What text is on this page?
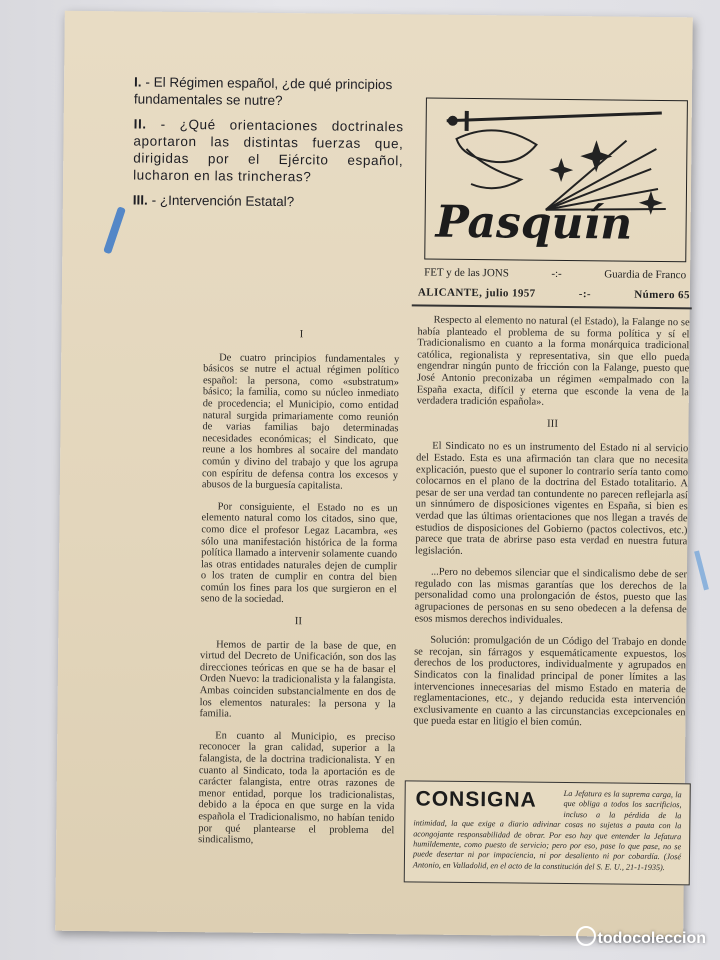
I. - El Régimen español, ¿de qué principios fundamentales se nutre?
II. - ¿Qué orientaciones doctrinales aportaron las distintas fuerzas que, dirigidas por el Ejército español, lucharon en las trincheras?
III. - ¿Intervención Estatal?	Pasquín
FET y de las JONS	-:-	Guardia de Franco
ALICANTE, julio 1957	-:-	Número 65

I

De cuatro principios fundamentales y básicos se nutre el actual régimen político español: la persona, como «substratum» básico; la familia, como su núcleo inmediato de procedencia; el Municipio, como entidad natural surgida primariamente como reunión de varias familias bajo determinadas necesidades económicas; el Sindicato, que reune a los hombres al socaire del mandato común y divino del trabajo y que los agrupa con espíritu de defensa contra los excesos y abusos de la burguesía capitalista.

Por consiguiente, el Estado no es un elemento natural como los citados, sino que, como dice el profesor Legaz Lacambra, «es sólo una manifestación histórica de la forma política llamado a intervenir solamente cuando las otras entidades naturales dejen de cumplir o los traten de cumplir en contra del bien común los fines para los que surgieron en el seno de la sociedad.

II

Hemos de partir de la base de que, en virtud del Decreto de Unificación, son dos las direcciones teóricas en que se ha de basar el Orden Nuevo: la tradicionalista y la falangista. Ambas coinciden substancialmente en dos de los elementos naturales: la persona y la familia.

En cuanto al Municipio, es preciso reconocer la gran calidad, superior a la falangista, de la doctrina tradicionalista. Y en cuanto al Sindicato, toda la aportación es de carácter falangista, entre otras razones de menor entidad, porque los tradicionalistas, debido a la época en que surge en la vida española el Tradicionalismo, no habían tenido por qué plantearse el problema del sindicalismo,

Respecto al elemento no natural (el Estado), la Falange no se había planteado el problema de su forma política y sí el Tradicionalismo en cuanto a la forma monárquica tradicional católica, regionalista y representativa, sin que ello pueda engendrar ningún punto de fricción con la Falange, puesto que José Antonio preconizaba un régimen «empalmado con la España exacta, difícil y eterna que esconde la vena de la verdadera tradición española».

III

El Sindicato no es un instrumento del Estado ni al servicio del Estado. Esta es una afirmación tan clara que no necesita explicación, puesto que el suponer lo contrario sería tanto como colocarnos en el plano de la doctrina del Estado totalitario. A pesar de ser una verdad tan contundente no parecen reflejarla así un sinnúmero de disposiciones vigentes en España, si bien es verdad que las últimas orientaciones que nos llegan a través de estudios de disposiciones del Gobierno (pactos colectivos, etc.) parece que trata de abrirse paso esta verdad en nuestra futura legislación.

...Pero no debemos silenciar que el sindicalismo debe de ser regulado con las mismas garantías que los derechos de la personalidad como una prolongación de éstos, puesto que las agrupaciones de personas en su seno obedecen a la defensa de esos mismos derechos individuales.

Solución: promulgación de un Código del Trabajo en donde se recojan, sin fárragos y esquemáticamente expuestos, los derechos de los productores, individualmente y agrupados en Sindicatos con la finalidad principal de poner límites a las intervenciones innecesarias del mismo Estado en materia de reglamentaciones, etc., y dejando reducida esta intervención exclusivamente en cuanto a las circunstancias excepcionales en que pueda estar en litigio el bien común.

La Jefatura es la suprema carga, la que obliga a todos los sacrificios, incluso a la pérdida de la intimidad, la que exige a diario adivinar cosas no sujetas a pauta con la acongojante responsabilidad de obrar. Por eso hay que entender la Jefatura humildemente, como puesto de servicio; pero por eso, pase lo que pase, no se puede desertar ni por impaciencia, ni por desaliento ni por cobardía. (José Antonio, en Valladolid, en el acto de la constitución del S. E. U., 21-1-1935).
CONSIGNA
todocoleccion
